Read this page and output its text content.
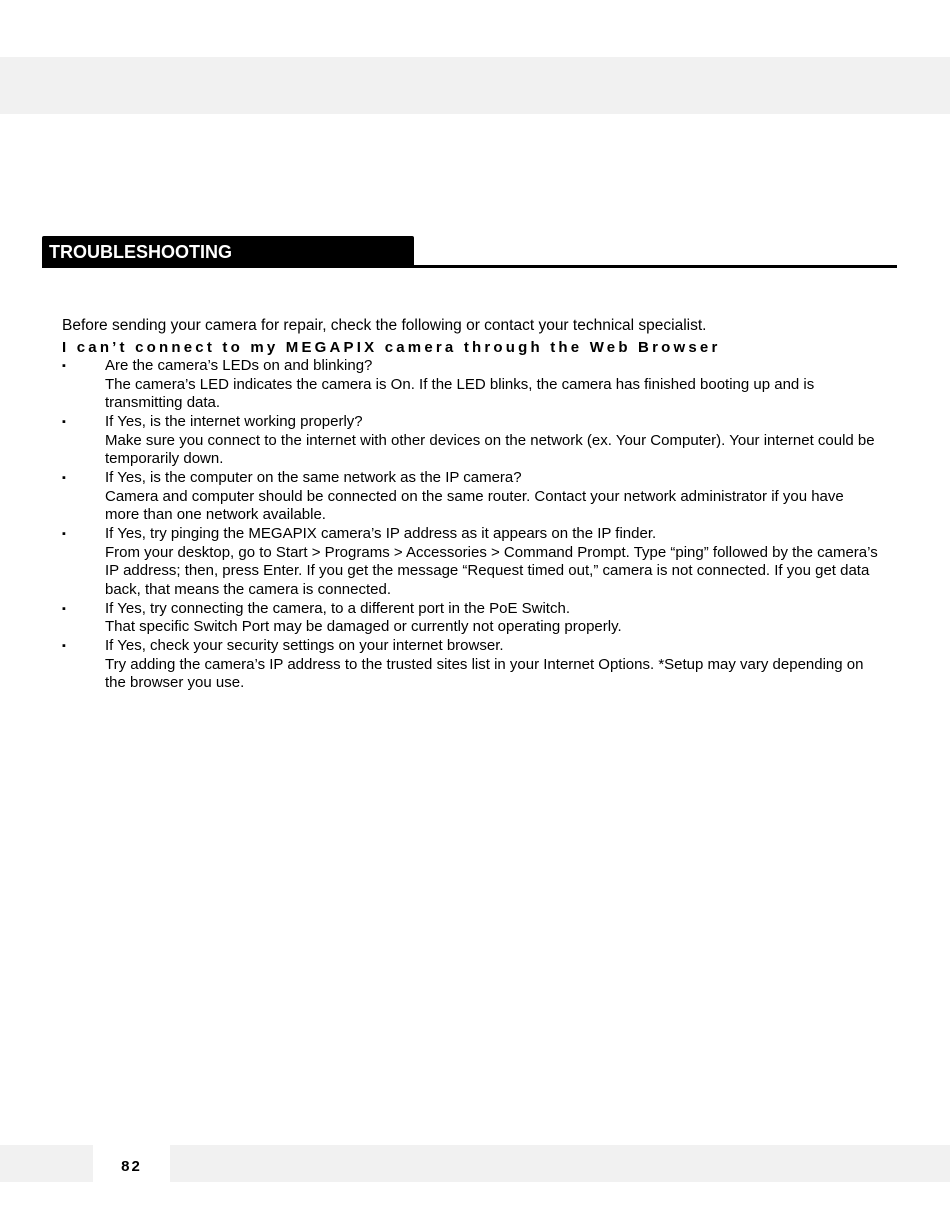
TROUBLESHOOTING

Before sending your camera for repair, check the following or contact your technical specialist.

I can’t connect to my MEGAPIX camera through the Web Browser
▪	Are the camera’s LEDs on and blinking?
The camera’s LED indicates the camera is On. If the LED blinks, the camera has finished booting up and is transmitting data.
▪	If Yes, is the internet working properly?
Make sure you connect to the internet with other devices on the network (ex. Your Computer). Your internet could be temporarily down.
▪	If Yes, is the computer on the same network as the IP camera?
Camera and computer should be connected on the same router. Contact your network administrator if you have more than one network available.
▪	If Yes, try pinging the MEGAPIX camera’s IP address as it appears on the IP finder.
From your desktop, go to Start > Programs > Accessories > Command Prompt. Type “ping” followed by the camera’s IP address; then, press Enter. If you get the message “Request timed out,” camera is not connected. If you get data back, that means the camera is connected.
▪	If Yes, try connecting the camera, to a different port in the PoE Switch.
That specific Switch Port may be damaged or currently not operating properly.
▪	If Yes, check your security settings on your internet browser.
Try adding the camera’s IP address to the trusted sites list in your Internet Options. *Setup may vary depending on the browser you use.
82
